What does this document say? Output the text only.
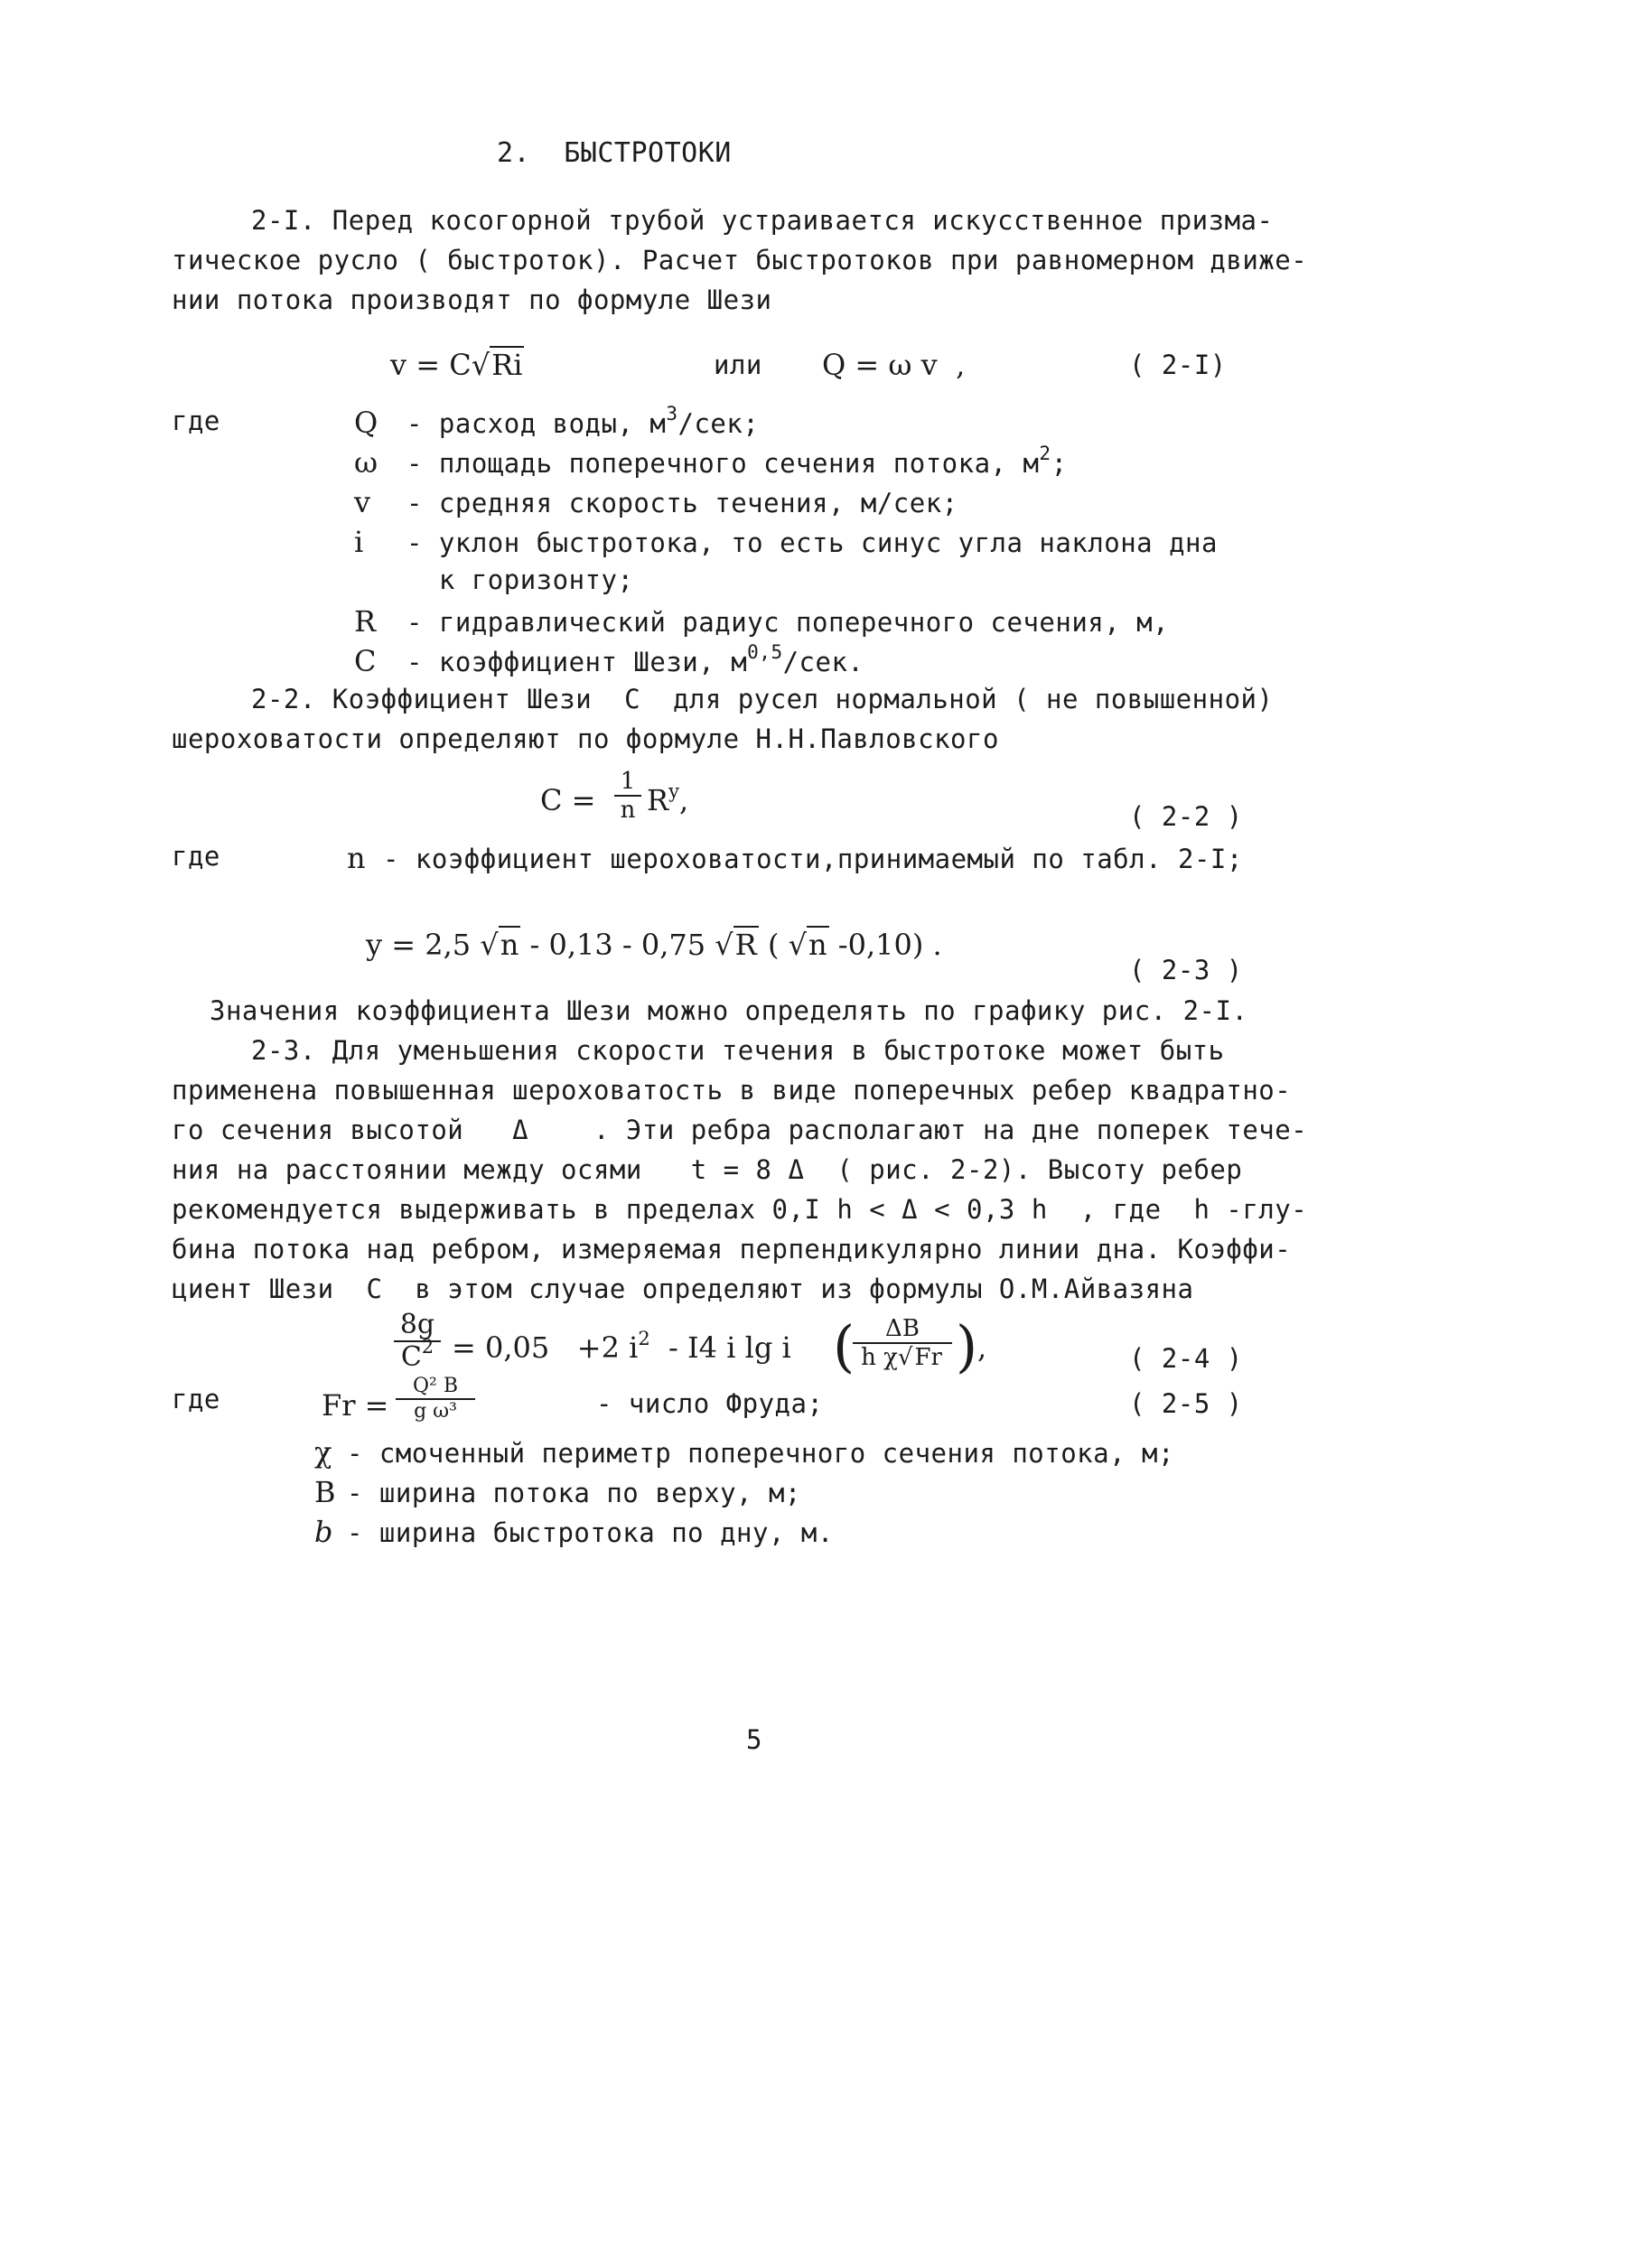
2.  БЫСТРОТОКИ
2-I. Перед косогорной трубой устраивается искусственное призма-
тическое русло ( быстроток). Расчет быстротоков при равномерном движе-
нии потока производят по формуле Шези
v = C√Ri	или Q = ω v  ,	( 2-I)
где	Q - расход воды, $м^3$/сек;
ω - площадь поперечного сечения потока, $м^2$;
v - средняя скорость течения, м/сек;
i - уклон быстротока, то есть синус угла наклона дна
к горизонту;
R - гидравлический радиус поперечного сечения, м,
C - коэффициент Шези, $м^{0,5}$/сек.
2-2. Коэффициент Шези  C  для русел нормальной ( не повышенной)
шероховатости определяют по формуле Н.Н.Павловского
C =
1
n $R^y$,	( 2-2 )
где	n - коэффициент шероховатости,принимаемый по табл. 2-I;
y = 2,5 √n - 0,13 - 0,75 √R ( √n -0,10) .
( 2-3 )
Значения коэффициента Шези можно определять по графику рис. 2-I.
2-3. Для уменьшения скорости течения в быстротоке может быть
применена повышенная шероховатость в виде поперечных ребер квадратно-
го сечения высотой   Δ    . Эти ребра располагают на дне поперек тече-
ния на расстоянии между осями   t = 8 Δ  ( рис. 2-2). Высоту ребер
рекомендуется выдерживать в пределах 0,I h < Δ < 0,3 h  , где  h -глу-
бина потока над ребром, измеряемая перпендикулярно линии дна. Коэффи-
циент Шези  C  в этом случае определяют из формулы О.М.Айвазяна
8g
$C^2 = 0,05 +2$ $i^2 - I4$ i lg i (	ΔB
h χ√Fr ) ,	( 2-4 )
где	Fr =
Q² B
g ω³	- число Фруда;	( 2-5 )
χ - смоченный периметр поперечного сечения потока, м;
B - ширина потока по верху, м;
b - ширина быстротока по дну, м.
5
